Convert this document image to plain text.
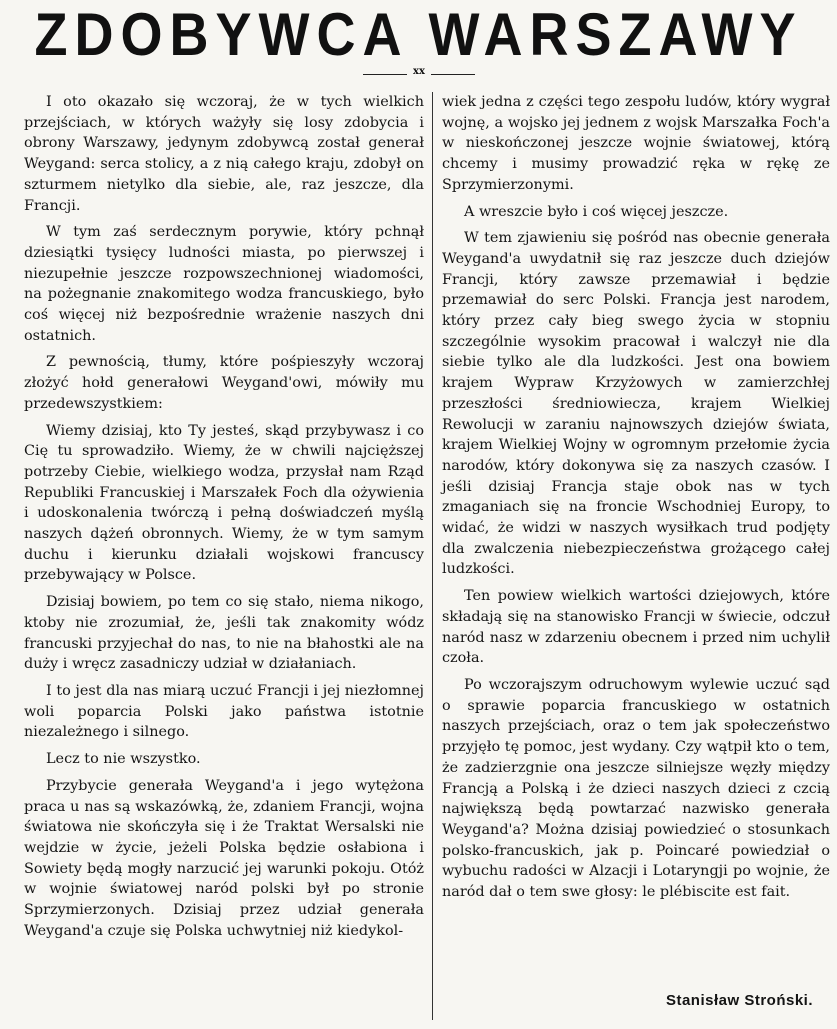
ZDOBYWCA WARSZAWY
xx

I oto okazało się wczoraj, że w tych wielkich przejściach, w których ważyły się losy zdobycia i obrony Warszawy, jedynym zdobywcą został generał Weygand: serca stolicy, a z nią całego kraju, zdobył on szturmem nietylko dla siebie, ale, raz jeszcze, dla Francji.

W tym zaś serdecznym porywie, który pchnął dziesiątki tysięcy ludności miasta, po pierwszej i niezupełnie jeszcze rozpowszechnionej wiadomości, na pożegnanie znakomitego wodza francuskiego, było coś więcej niż bezpośrednie wrażenie naszych dni ostatnich.

Z pewnością, tłumy, które pośpieszyły wczoraj złożyć hołd generałowi Weygand'owi, mówiły mu przedewszystkiem:

Wiemy dzisiaj, kto Ty jesteś, skąd przybywasz i co Cię tu sprowadziło. Wiemy, że w chwili najcięższej potrzeby Ciebie, wielkiego wodza, przysłał nam Rząd Republiki Francuskiej i Marszałek Foch dla ożywienia i udoskonalenia twórczą i pełną doświadczeń myślą naszych dążeń obronnych. Wiemy, że w tym samym duchu i kierunku działali wojskowi francuscy przebywający w Polsce.

Dzisiaj bowiem, po tem co się stało, niema nikogo, ktoby nie zrozumiał, że, jeśli tak znakomity wódz francuski przyjechał do nas, to nie na błahostki ale na duży i wręcz zasadniczy udział w działaniach.

I to jest dla nas miarą uczuć Francji i jej niezłomnej woli poparcia Polski jako państwa istotnie niezależnego i silnego.

Lecz to nie wszystko.

Przybycie generała Weygand'a i jego wytężona praca u nas są wskazówką, że, zdaniem Francji, wojna światowa nie skończyła się i że Traktat Wersalski nie wejdzie w życie, jeżeli Polska będzie osłabiona i Sowiety będą mogły narzucić jej warunki pokoju. Otóż w wojnie światowej naród polski był po stronie Sprzymierzonych. Dzisiaj przez udział generała Weygand'a czuje się Polska uchwytniej niż kiedykol-

wiek jedna z części tego zespołu ludów, który wygrał wojnę, a wojsko jej jednem z wojsk Marszałka Foch'a w nieskończonej jeszcze wojnie światowej, którą chcemy i musimy prowadzić ręka w rękę ze Sprzymierzonymi.

A wreszcie było i coś więcej jeszcze.

W tem zjawieniu się pośród nas obecnie generała Weygand'a uwydatnił się raz jeszcze duch dziejów Francji, który zawsze przemawiał i będzie przemawiał do serc Polski. Francja jest narodem, który przez cały bieg swego życia w stopniu szczególnie wysokim pracował i walczył nie dla siebie tylko ale dla ludzkości. Jest ona bowiem krajem Wypraw Krzyżowych w zamierzchłej przeszłości średniowiecza, krajem Wielkiej Rewolucji w zaraniu najnowszych dziejów świata, krajem Wielkiej Wojny w ogromnym przełomie życia narodów, który dokonywa się za naszych czasów. I jeśli dzisiaj Francja staje obok nas w tych zmaganiach się na froncie Wschodniej Europy, to widać, że widzi w naszych wysiłkach trud podjęty dla zwalczenia niebezpieczeństwa grożącego całej ludzkości.

Ten powiew wielkich wartości dziejowych, które składają się na stanowisko Francji w świecie, odczuł naród nasz w zdarzeniu obecnem i przed nim uchylił czoła.

Po wczorajszym odruchowym wylewie uczuć sąd o sprawie poparcia francuskiego w ostatnich naszych przejściach, oraz o tem jak społeczeństwo przyjęło tę pomoc, jest wydany. Czy wątpił kto o tem, że zadzierzgnie ona jeszcze silniejsze węzły między Francją a Polską i że dzieci naszych dzieci z czcią największą będą powtarzać nazwisko generała Weygand'a? Można dzisiaj powiedzieć o stosunkach polsko-francuskich, jak p. Poincaré powiedział o wybuchu radości w Alzacji i Lotaryngji po wojnie, że naród dał o tem swe głosy: le plébiscite est fait.

Stanisław Stroński.
